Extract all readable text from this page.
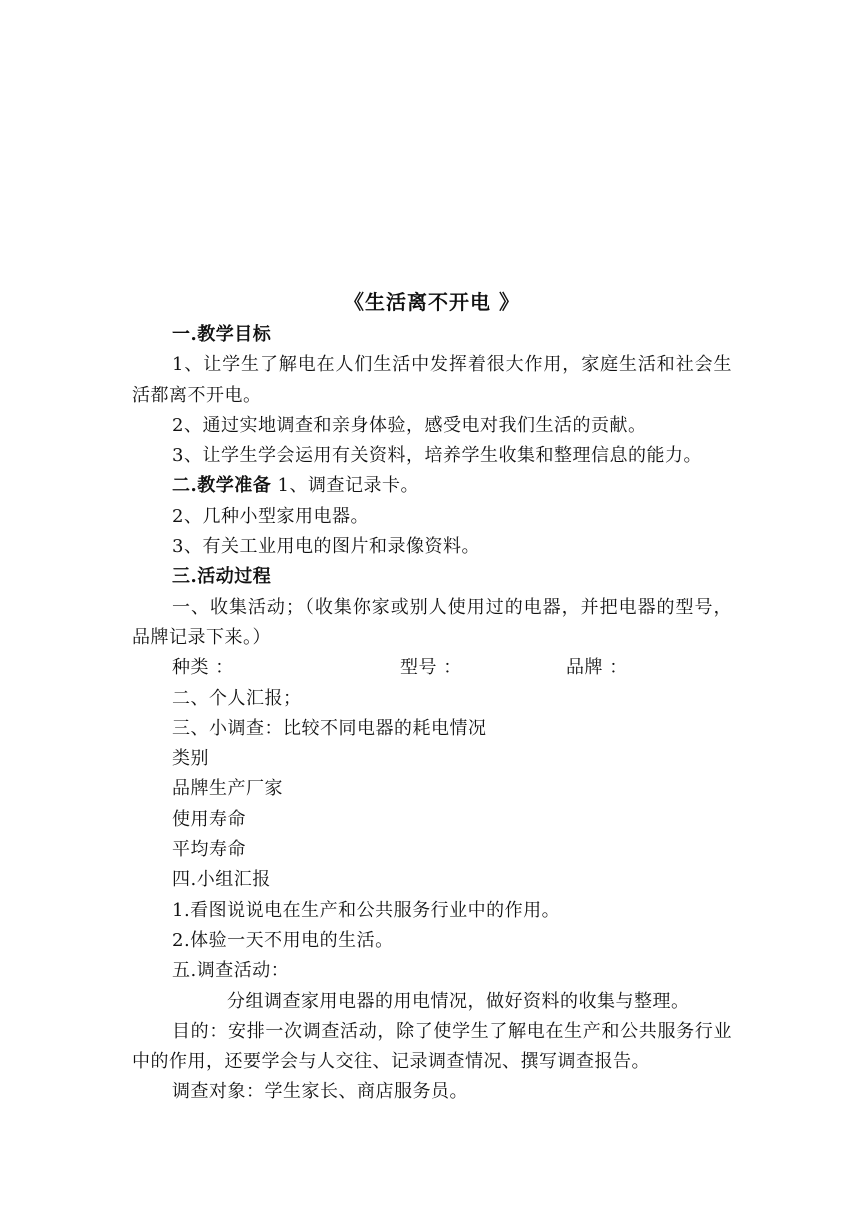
《生活离不开电 》
一.教学目标
1、让学生了解电在人们生活中发挥着很大作用，家庭生活和社会生活都离不开电。
2、通过实地调查和亲身体验，感受电对我们生活的贡献。
3、让学生学会运用有关资料，培养学生收集和整理信息的能力。
二.教学准备 1、调查记录卡。
2、几种小型家用电器。
3、有关工业用电的图片和录像资料。
三.活动过程
一、收集活动；（收集你家或别人使用过的电器，并把电器的型号，品牌记录下来。）
种类 ：	型号 ：	品牌 ：
二、个人汇报；
三、小调查：比较不同电器的耗电情况
类别
品牌生产厂家
使用寿命
平均寿命
四.小组汇报
1.看图说说电在生产和公共服务行业中的作用。
2.体验一天不用电的生活。
五.调查活动：
分组调查家用电器的用电情况，做好资料的收集与整理。
目的：安排一次调查活动，除了使学生了解电在生产和公共服务行业中的作用，还要学会与人交往、记录调查情况、撰写调查报告。
调查对象：学生家长、商店服务员。
